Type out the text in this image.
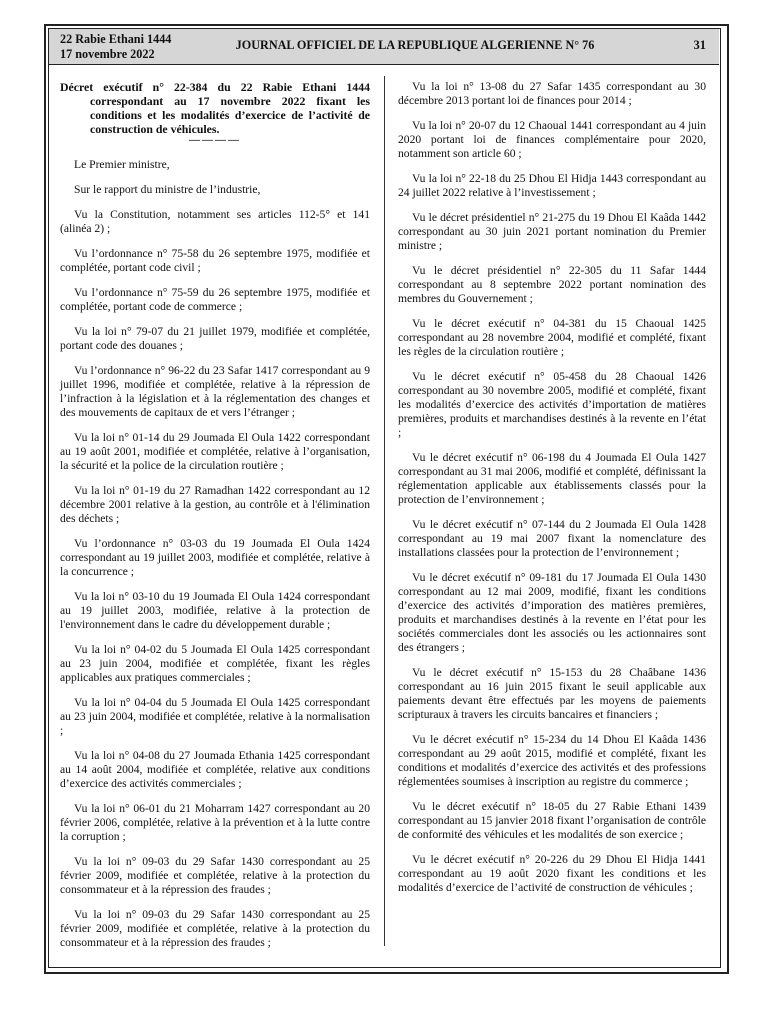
22 Rabie Ethani 1444
17 novembre 2022
JOURNAL OFFICIEL DE LA REPUBLIQUE ALGERIENNE N° 76	31

Décret exécutif n° 22-384 du 22 Rabie Ethani 1444 correspondant au 17 novembre 2022 fixant les conditions et les modalités d’exercice de l’activité de construction de véhicules.

————

Le Premier ministre,

Sur le rapport du ministre de l’industrie,

Vu la Constitution, notamment ses articles 112-5° et 141 (alinéa 2) ;

Vu l’ordonnance n° 75-58 du 26 septembre 1975, modifiée et complétée, portant code civil ;

Vu l’ordonnance n° 75-59 du 26 septembre 1975, modifiée et complétée, portant code de commerce ;

Vu la loi n° 79-07 du 21 juillet 1979, modifiée et complétée, portant code des douanes ;

Vu l’ordonnance n° 96-22 du 23 Safar 1417 correspondant au 9 juillet 1996, modifiée et complétée, relative à la répression de l’infraction à la législation et à la réglementation des changes et des mouvements de capitaux de et vers l’étranger ;

Vu la loi n° 01-14 du 29 Joumada El Oula 1422 correspondant au 19 août 2001, modifiée et complétée, relative à l’organisation, la sécurité et la police de la circulation routière ;

Vu la loi n° 01-19 du 27 Ramadhan 1422 correspondant au 12 décembre 2001 relative à la gestion, au contrôle et à l'élimination des déchets ;

Vu l’ordonnance n° 03-03 du 19 Joumada El Oula 1424 correspondant au 19 juillet 2003, modifiée et complétée, relative à la concurrence ;

Vu la loi n° 03-10 du 19 Joumada El Oula 1424 correspondant au 19 juillet 2003, modifiée, relative à la protection de l'environnement dans le cadre du développement durable ;

Vu la loi n° 04-02 du 5 Joumada El Oula 1425 correspondant au 23 juin 2004, modifiée et complétée, fixant les règles applicables aux pratiques commerciales ;

Vu la loi n° 04-04 du 5 Joumada El Oula 1425 correspondant au 23 juin 2004, modifiée et complétée, relative à la normalisation ;

Vu la loi n° 04-08 du 27 Joumada Ethania 1425 correspondant au 14 août 2004, modifiée et complétée, relative aux conditions d’exercice des activités commerciales ;

Vu la loi n° 06-01 du 21 Moharram 1427 correspondant au 20 février 2006, complétée, relative à la prévention et à la lutte contre la corruption ;

Vu la loi n° 09-03 du 29 Safar 1430 correspondant au 25 février 2009, modifiée et complétée, relative à la protection du consommateur et à la répression des fraudes ;

Vu la loi n° 09-03 du 29 Safar 1430 correspondant au 25 février 2009, modifiée et complétée, relative à la protection du consommateur et à la répression des fraudes ;

Vu la loi n° 13-08 du 27 Safar 1435 correspondant au 30 décembre 2013 portant loi de finances pour 2014 ;

Vu la loi n° 20-07 du 12 Chaoual 1441 correspondant au 4 juin 2020 portant loi de finances complémentaire pour 2020, notamment son article 60 ;

Vu la loi n° 22-18 du 25 Dhou El Hidja 1443 correspondant au 24 juillet 2022 relative à l’investissement ;

Vu le décret présidentiel n° 21-275 du 19 Dhou El Kaâda 1442 correspondant au 30 juin 2021 portant nomination du Premier ministre ;

Vu le décret présidentiel n° 22-305 du 11 Safar 1444 correspondant au 8 septembre 2022 portant nomination des membres du Gouvernement ;

Vu le décret exécutif n° 04-381 du 15 Chaoual 1425 correspondant au 28 novembre 2004, modifié et complété, fixant les règles de la circulation routière ;

Vu le décret exécutif n° 05-458 du 28 Chaoual 1426 correspondant au 30 novembre 2005, modifié et complété, fixant les modalités d’exercice des activités d’importation de matières premières, produits et marchandises destinés à la revente en l’état ;

Vu le décret exécutif n° 06-198 du 4 Joumada El Oula 1427 correspondant au 31 mai 2006, modifié et complété, définissant la réglementation applicable aux établissements classés pour la protection de l’environnement ;

Vu le décret exécutif n° 07-144 du 2 Joumada El Oula 1428 correspondant au 19 mai 2007 fixant la nomenclature des installations classées pour la protection de l’environnement ;

Vu le décret exécutif n° 09-181 du 17 Joumada El Oula 1430 correspondant au 12 mai 2009, modifié, fixant les conditions d’exercice des activités d’imporation des matières premières, produits et marchandises destinés à la revente en l’état pour les sociétés commerciales dont les associés ou les actionnaires sont des étrangers ;

Vu le décret exécutif n° 15-153 du 28 Chaâbane 1436 correspondant au 16 juin 2015 fixant le seuil applicable aux paiements devant être effectués par les moyens de paiements scripturaux à travers les circuits bancaires et financiers ;

Vu le décret exécutif n° 15-234 du 14 Dhou El Kaâda 1436 correspondant au 29 août 2015, modifié et complété, fixant les conditions et modalités d’exercice des activités et des professions réglementées soumises à inscription au registre du commerce ;

Vu le décret exécutif n° 18-05 du 27 Rabie Ethani 1439 correspondant au 15 janvier 2018 fixant l’organisation de contrôle de conformité des véhicules et les modalités de son exercice ;

Vu le décret exécutif n° 20-226 du 29 Dhou El Hidja 1441 correspondant au 19 août 2020 fixant les conditions et les modalités d’exercice de l’activité de construction de véhicules ;
